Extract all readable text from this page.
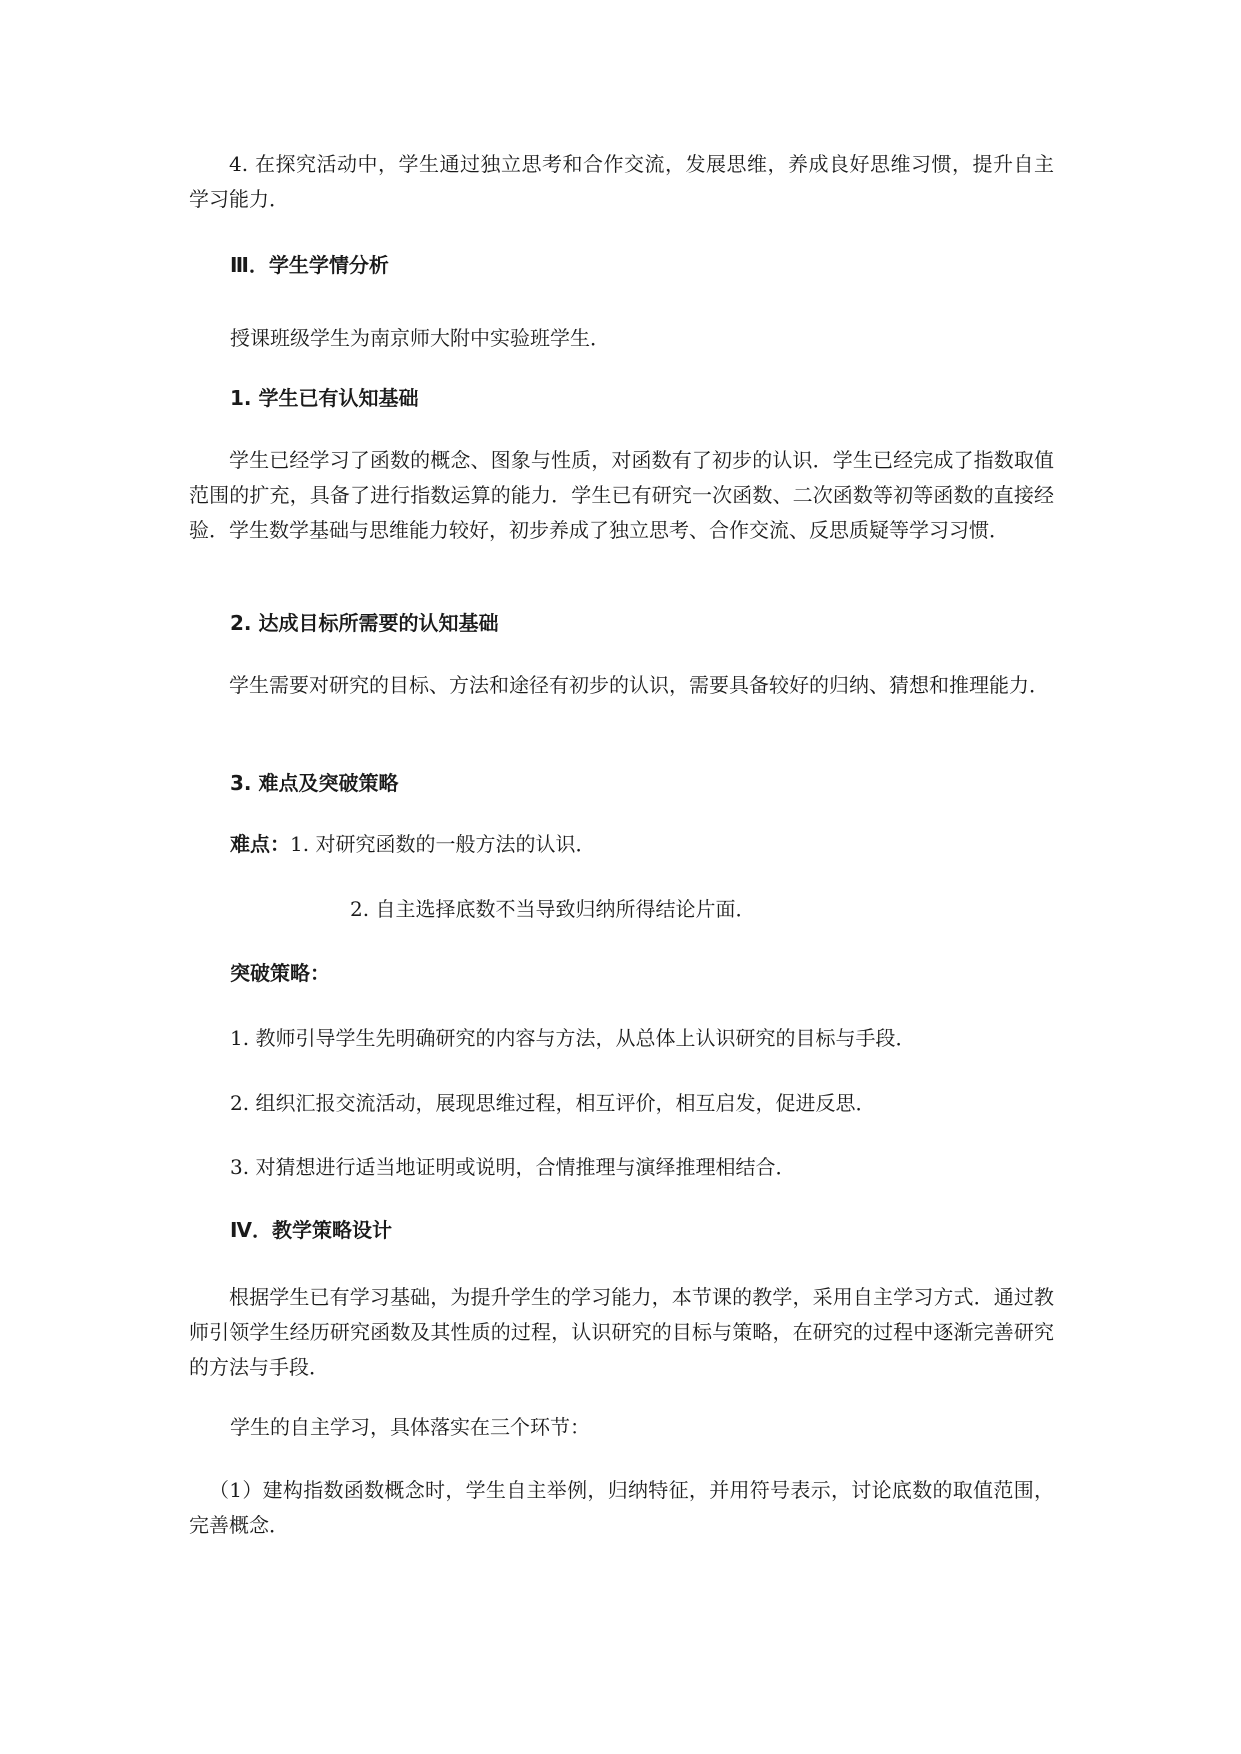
4. 在探究活动中，学生通过独立思考和合作交流，发展思维，养成良好思维习惯，提升自主学习能力．

Ⅲ．学生学情分析

授课班级学生为南京师大附中实验班学生．

1. 学生已有认知基础

学生已经学习了函数的概念、图象与性质，对函数有了初步的认识．学生已经完成了指数取值范围的扩充，具备了进行指数运算的能力．学生已有研究一次函数、二次函数等初等函数的直接经验．学生数学基础与思维能力较好，初步养成了独立思考、合作交流、反思质疑等学习习惯．

2. 达成目标所需要的认知基础

学生需要对研究的目标、方法和途径有初步的认识，需要具备较好的归纳、猜想和推理能力．

3. 难点及突破策略
难点：1. 对研究函数的一般方法的认识．

2. 自主选择底数不当导致归纳所得结论片面．

突破策略：

1. 教师引导学生先明确研究的内容与方法，从总体上认识研究的目标与手段．

2. 组织汇报交流活动，展现思维过程，相互评价，相互启发，促进反思．

3. 对猜想进行适当地证明或说明，合情推理与演绎推理相结合．

Ⅳ．教学策略设计

根据学生已有学习基础，为提升学生的学习能力，本节课的教学，采用自主学习方式．通过教师引领学生经历研究函数及其性质的过程，认识研究的目标与策略，在研究的过程中逐渐完善研究的方法与手段．

学生的自主学习，具体落实在三个环节：

（1）建构指数函数概念时，学生自主举例，归纳特征，并用符号表示，讨论底数的取值范围，完善概念．
